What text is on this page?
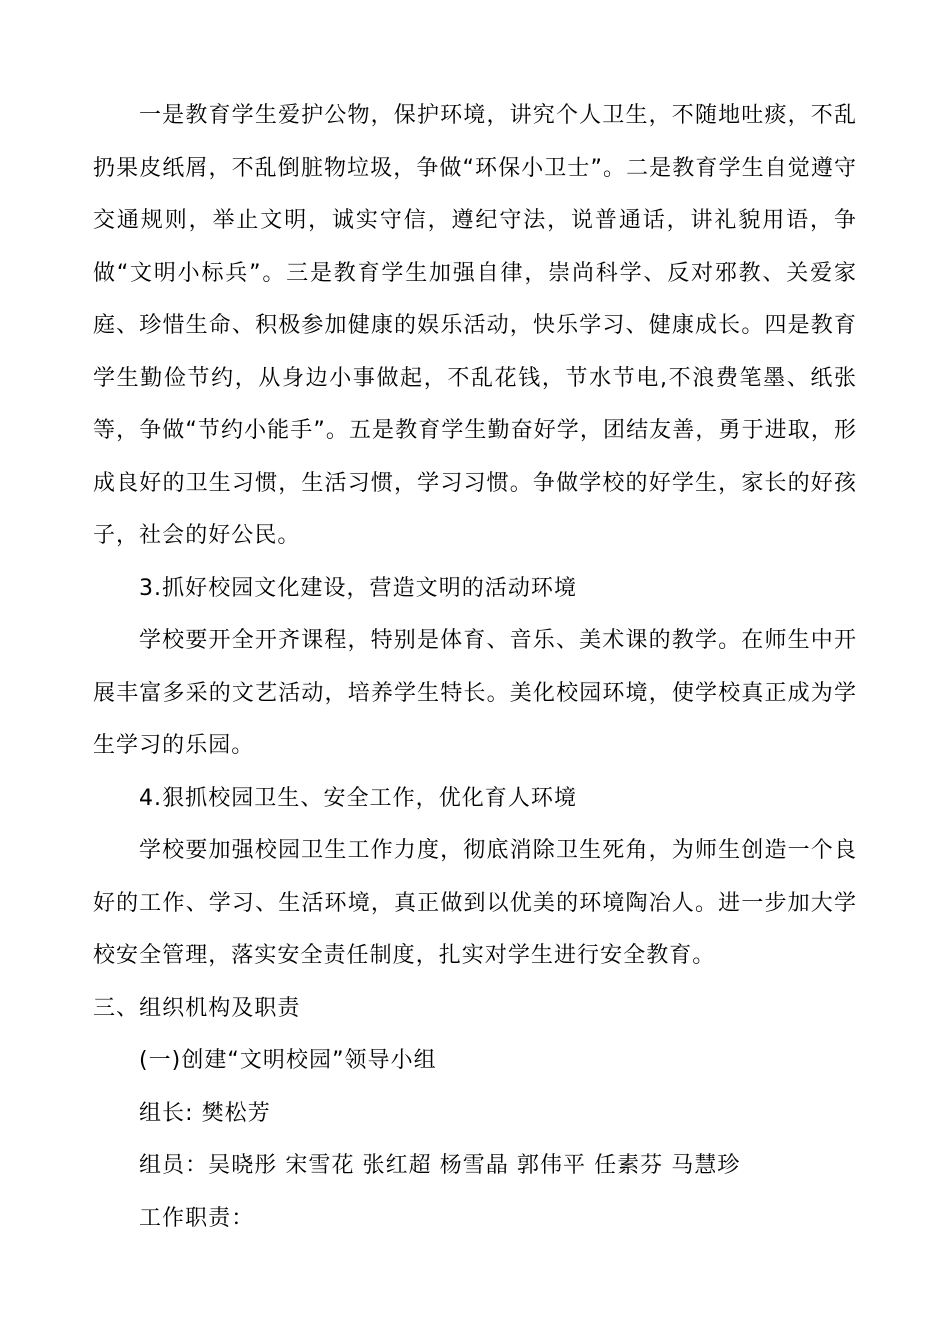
一是教育学生爱护公物，保护环境，讲究个人卫生，不随地吐痰，不乱扔果皮纸屑，不乱倒脏物垃圾，争做“环保小卫士”。二是教育学生自觉遵守交通规则，举止文明，诚实守信，遵纪守法，说普通话，讲礼貌用语，争做“文明小标兵”。三是教育学生加强自律，崇尚科学、反对邪教、关爱家庭、珍惜生命、积极参加健康的娱乐活动，快乐学习、健康成长。四是教育学生勤俭节约，从身边小事做起，不乱花钱，节水节电,不浪费笔墨、纸张等，争做“节约小能手”。五是教育学生勤奋好学，团结友善，勇于进取，形成良好的卫生习惯，生活习惯，学习习惯。争做学校的好学生，家长的好孩子，社会的好公民。

3.抓好校园文化建设，营造文明的活动环境

学校要开全开齐课程，特别是体育、音乐、美术课的教学。在师生中开展丰富多采的文艺活动，培养学生特长。美化校园环境，使学校真正成为学生学习的乐园。

4.狠抓校园卫生、安全工作，优化育人环境

学校要加强校园卫生工作力度，彻底消除卫生死角，为师生创造一个良好的工作、学习、生活环境，真正做到以优美的环境陶冶人。进一步加大学校安全管理，落实安全责任制度，扎实对学生进行安全教育。

三、组织机构及职责

(一)创建“文明校园”领导小组

组长: 樊松芳

组员：吴晓彤 宋雪花 张红超 杨雪晶 郭伟平 任素芬 马慧珍

工作职责：
